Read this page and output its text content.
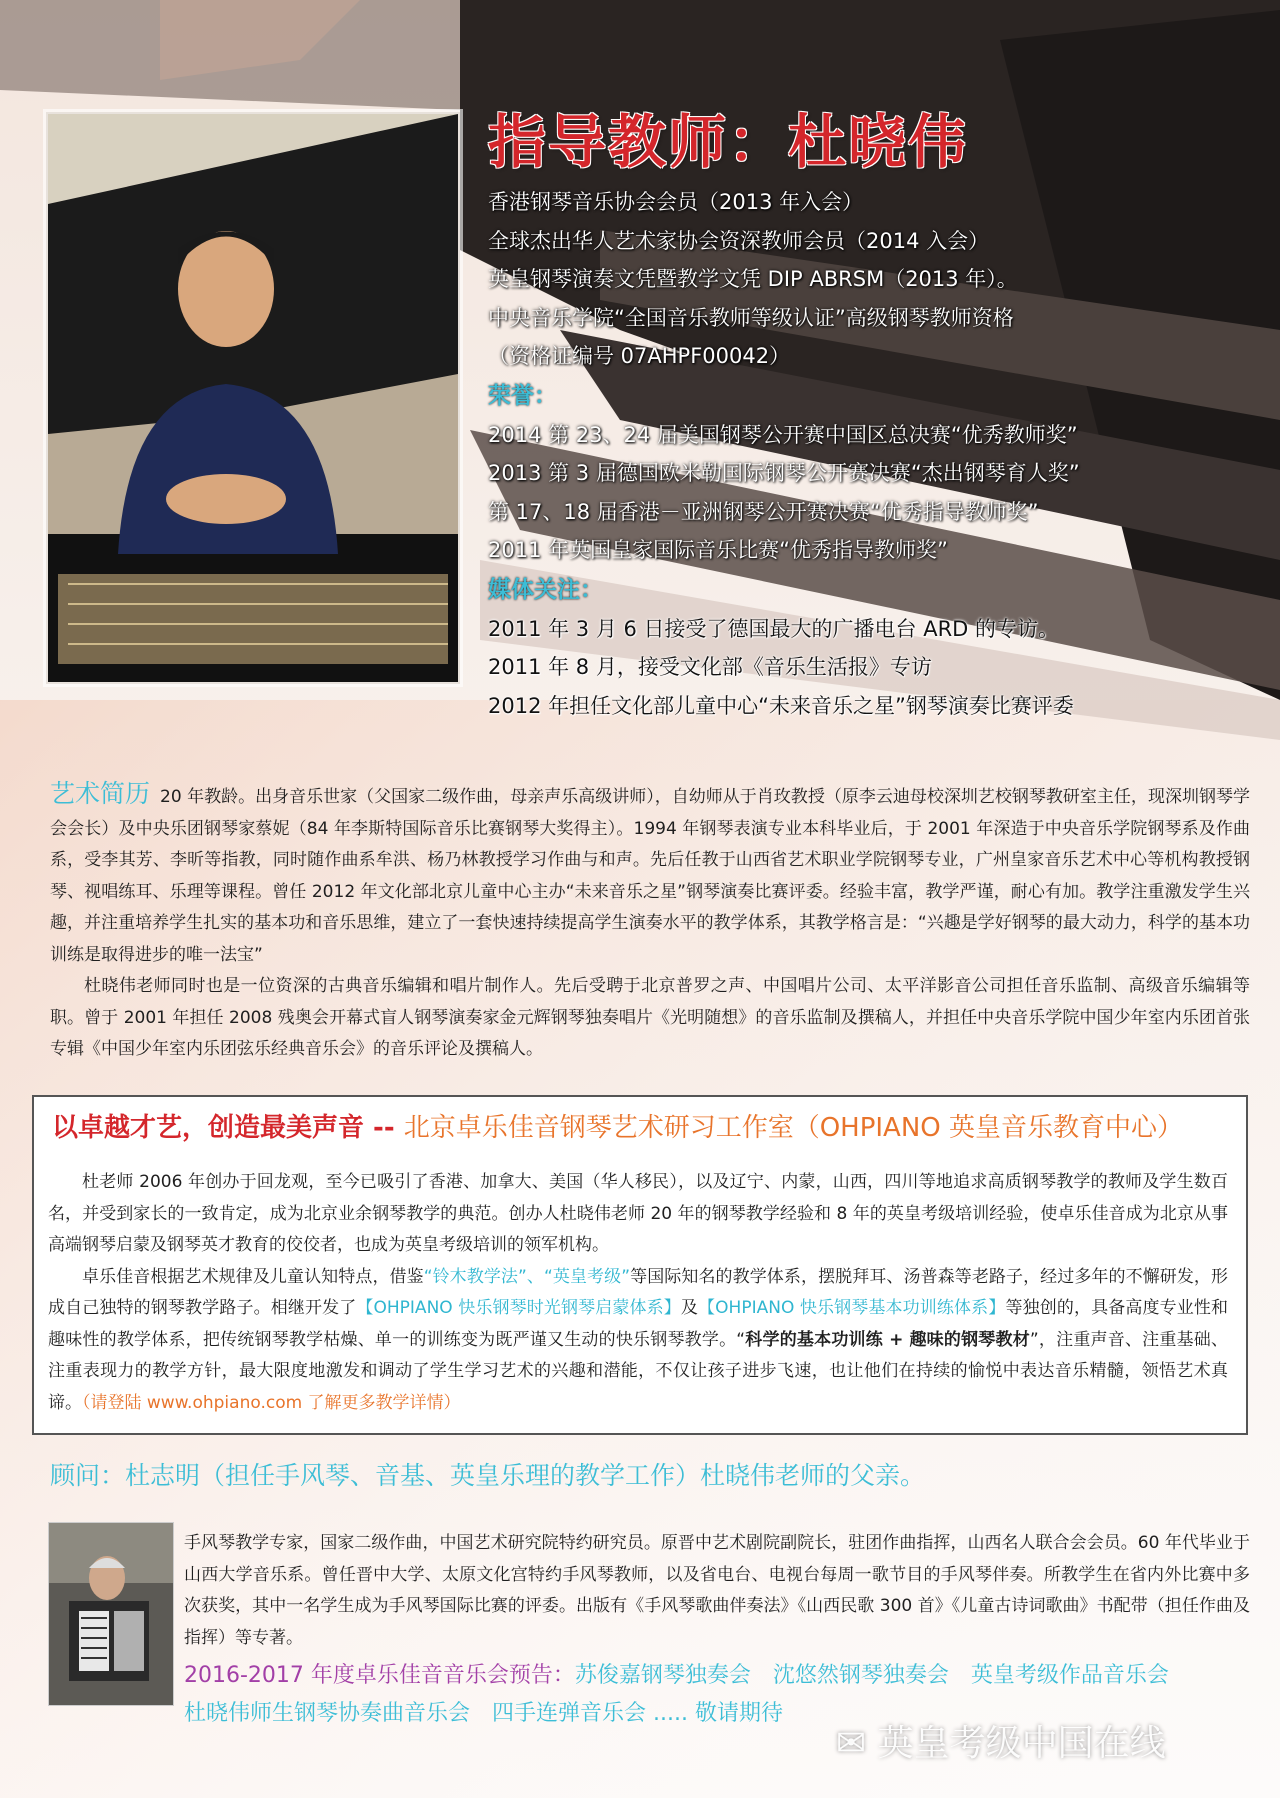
指导教师：杜晓伟
香港钢琴音乐协会会员（2013 年入会）
全球杰出华人艺术家协会资深教师会员（2014 入会）
英皇钢琴演奏文凭暨教学文凭 DIP ABRSM（2013 年）。
中央音乐学院“全国音乐教师等级认证”高级钢琴教师资格
（资格证编号 07AHPF00042）
荣誉：
2014 第 23、24 届美国钢琴公开赛中国区总决赛“优秀教师奖”
2013 第 3 届德国欧米勒国际钢琴公开赛决赛“杰出钢琴育人奖”
第 17、18 届香港－亚洲钢琴公开赛决赛“优秀指导教师奖”
2011 年英国皇家国际音乐比赛“优秀指导教师奖”
媒体关注：
2011 年 3 月 6 日接受了德国最大的广播电台 ARD 的专访。
2011 年 8 月，接受文化部《音乐生活报》专访
2012 年担任文化部儿童中心“未来音乐之星”钢琴演奏比赛评委

艺术简历 20 年教龄。出身音乐世家（父国家二级作曲，母亲声乐高级讲师），自幼师从于肖玫教授（原李云迪母校深圳艺校钢琴教研室主任，现深圳钢琴学会会长）及中央乐团钢琴家蔡妮（84 年李斯特国际音乐比赛钢琴大奖得主）。1994 年钢琴表演专业本科毕业后，于 2001 年深造于中央音乐学院钢琴系及作曲系，受李其芳、李昕等指教，同时随作曲系牟洪、杨乃林教授学习作曲与和声。先后任教于山西省艺术职业学院钢琴专业，广州皇家音乐艺术中心等机构教授钢琴、视唱练耳、乐理等课程。曾任 2012 年文化部北京儿童中心主办“未来音乐之星”钢琴演奏比赛评委。经验丰富，教学严谨，耐心有加。教学注重激发学生兴趣，并注重培养学生扎实的基本功和音乐思维，建立了一套快速持续提高学生演奏水平的教学体系，其教学格言是：“兴趣是学好钢琴的最大动力，科学的基本功训练是取得进步的唯一法宝”

杜晓伟老师同时也是一位资深的古典音乐编辑和唱片制作人。先后受聘于北京普罗之声、中国唱片公司、太平洋影音公司担任音乐监制、高级音乐编辑等职。曾于 2001 年担任 2008 残奥会开幕式盲人钢琴演奏家金元辉钢琴独奏唱片《光明随想》的音乐监制及撰稿人，并担任中央音乐学院中国少年室内乐团首张专辑《中国少年室内乐团弦乐经典音乐会》的音乐评论及撰稿人。

以卓越才艺，创造最美声音 -- 北京卓乐佳音钢琴艺术研习工作室（OHPIANO 英皇音乐教育中心）

杜老师 2006 年创办于回龙观，至今已吸引了香港、加拿大、美国（华人移民），以及辽宁、内蒙，山西，四川等地追求高质钢琴教学的教师及学生数百名，并受到家长的一致肯定，成为北京业余钢琴教学的典范。创办人杜晓伟老师 20 年的钢琴教学经验和 8 年的英皇考级培训经验，使卓乐佳音成为北京从事高端钢琴启蒙及钢琴英才教育的佼佼者，也成为英皇考级培训的领军机构。

卓乐佳音根据艺术规律及儿童认知特点，借鉴“铃木教学法”、“英皇考级”等国际知名的教学体系，摆脱拜耳、汤普森等老路子，经过多年的不懈研发，形成自己独特的钢琴教学路子。相继开发了【OHPIANO 快乐钢琴时光钢琴启蒙体系】及【OHPIANO 快乐钢琴基本功训练体系】等独创的，具备高度专业性和趣味性的教学体系，把传统钢琴教学枯燥、单一的训练变为既严谨又生动的快乐钢琴教学。“科学的基本功训练 + 趣味的钢琴教材”，注重声音、注重基础、注重表现力的教学方针，最大限度地激发和调动了学生学习艺术的兴趣和潜能，不仅让孩子进步飞速，也让他们在持续的愉悦中表达音乐精髓，领悟艺术真谛。（请登陆 www.ohpiano.com 了解更多教学详情）

顾问：杜志明（担任手风琴、音基、英皇乐理的教学工作）杜晓伟老师的父亲。
手风琴教学专家，国家二级作曲，中国艺术研究院特约研究员。原晋中艺术剧院副院长，驻团作曲指挥，山西名人联合会会员。60 年代毕业于山西大学音乐系。曾任晋中大学、太原文化宫特约手风琴教师，以及省电台、电视台每周一歌节目的手风琴伴奏。所教学生在省内外比赛中多次获奖，其中一名学生成为手风琴国际比赛的评委。出版有《手风琴歌曲伴奏法》《山西民歌 300 首》《儿童古诗词歌曲》书配带（担任作曲及指挥）等专著。
2016-2017 年度卓乐佳音音乐会预告：苏俊嘉钢琴独奏会　沈悠然钢琴独奏会　英皇考级作品音乐会
杜晓伟师生钢琴协奏曲音乐会　四手连弹音乐会 ..... 敬请期待
✉ 英皇考级中国在线
